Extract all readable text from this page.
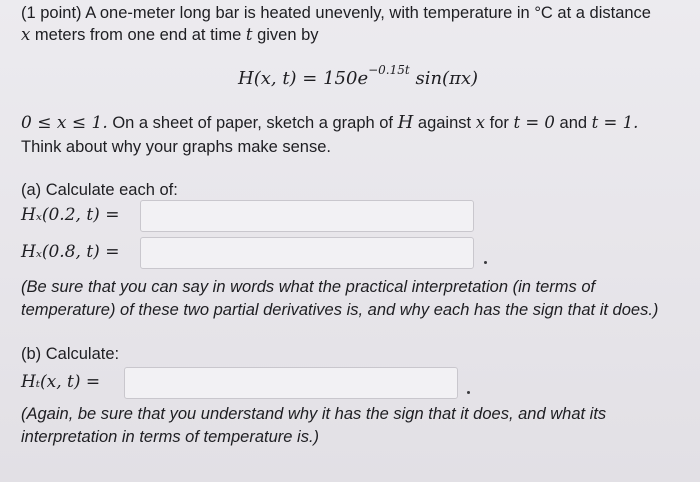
(1 point) A one-meter long bar is heated unevenly, with temperature in °C at a distance
x meters from one end at time t given by
H(x, $t) = 150e^{-0.15t}$ sin(πx)
0 ≤ x ≤ 1. On a sheet of paper, sketch a graph of H against x for t = 0 and t = 1.
Think about why your graphs make sense.
(a) Calculate each of:
Hₓ(0.2, t) =
Hₓ(0.8, t) =
(Be sure that you can say in words what the practical interpretation (in terms of
temperature) of these two partial derivatives is, and why each has the sign that it does.)
(b) Calculate:
Hₜ(x, t) =
(Again, be sure that you understand why it has the sign that it does, and what its
interpretation in terms of temperature is.)
